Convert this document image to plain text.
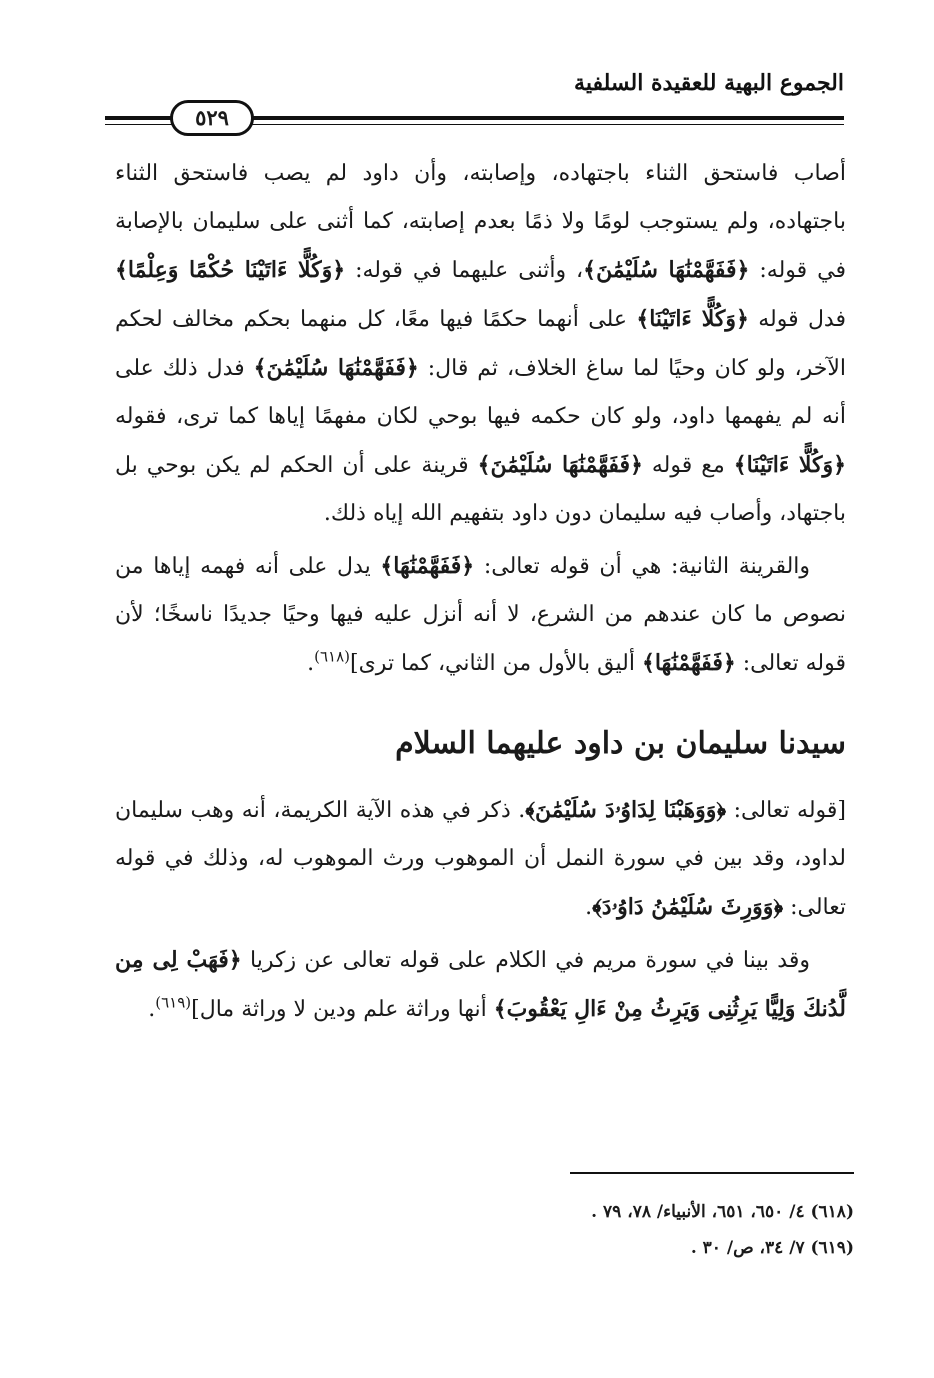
الجموع البهية للعقيدة السلفية
٥٢٩

أصاب فاستحق الثناء باجتهاده، وإصابته، وأن داود لم يصب فاستحق الثناء باجتهاده، ولم يستوجب لومًا ولا ذمًا بعدم إصابته، كما أثنى على سليمان بالإصابة في قوله: ﴿فَفَهَّمْنَٰهَا سُلَيْمَٰنَ﴾، وأثنى عليهما في قوله: ﴿وَكُلًّا ءَاتَيْنَا حُكْمًا وَعِلْمًا﴾ فدل قوله ﴿وَكُلًّا ءَاتَيْنَا﴾ على أنهما حكمًا فيها معًا، كل منهما بحكم مخالف لحكم الآخر، ولو كان وحيًا لما ساغ الخلاف، ثم قال: ﴿فَفَهَّمْنَٰهَا سُلَيْمَٰنَ﴾ فدل ذلك على أنه لم يفهمها داود، ولو كان حكمه فيها بوحي لكان مفهمًا إياها كما ترى، فقوله ﴿وَكُلًّا ءَاتَيْنَا﴾ مع قوله ﴿فَفَهَّمْنَٰهَا سُلَيْمَٰنَ﴾ قرينة على أن الحكم لم يكن بوحي بل باجتهاد، وأصاب فيه سليمان دون داود بتفهيم الله إياه ذلك.

والقرينة الثانية: هي أن قوله تعالى: ﴿فَفَهَّمْنَٰهَا﴾ يدل على أنه فهمه إياها من نصوص ما كان عندهم من الشرع، لا أنه أنزل عليه فيها وحيًا جديدًا ناسخًا؛ لأن قوله تعالى: ﴿فَفَهَّمْنَٰهَا﴾ أليق بالأول من الثاني، كما ترى]$^{(٦١٨)}$.

سيدنا سليمان بن داود عليهما السلام

[قوله تعالى: ﴿وَوَهَبْنَا لِدَاوُۥدَ سُلَيْمَٰنَ﴾. ذكر في هذه الآية الكريمة، أنه وهب سليمان لداود، وقد بين في سورة النمل أن الموهوب ورث الموهوب له، وذلك في قوله تعالى: ﴿وَوَرِثَ سُلَيْمَٰنُ دَاوُۥدَ﴾.

وقد بينا في سورة مريم في الكلام على قوله تعالى عن زكريا ﴿فَهَبْ لِى مِن لَّدُنكَ وَلِيًّا يَرِثُنِى وَيَرِثُ مِنْ ءَالِ يَعْقُوبَ﴾ أنها وراثة علم ودين لا وراثة مال]$^{(٦١٩)}$.

(٦١٨) ٤/ ٦٥٠، ٦٥١، الأنبياء/ ٧٨، ٧٩ .

(٦١٩) ٧/ ٣٤، ص/ ٣٠ .
